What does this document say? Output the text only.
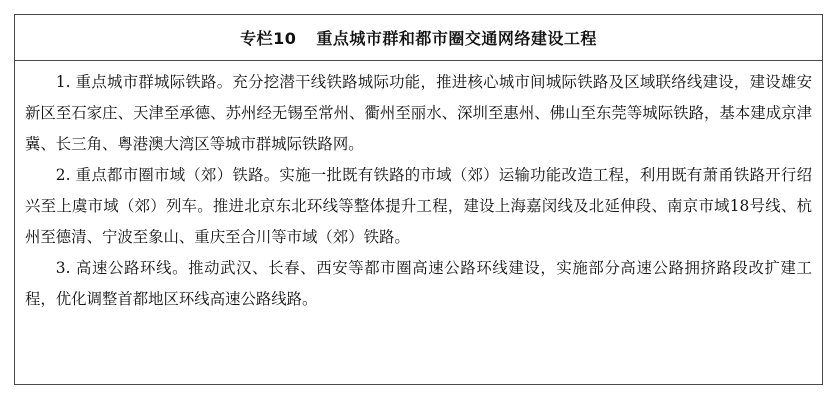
专栏10 重点城市群和都市圈交通网络建设工程

1. 重点城市群城际铁路。充分挖潜干线铁路城际功能，推进核心城市间城际铁路及区域联络线建设，建设雄安新区至石家庄、天津至承德、苏州经无锡至常州、衢州至丽水、深圳至惠州、佛山至东莞等城际铁路，基本建成京津冀、长三角、粤港澳大湾区等城市群城际铁路网。

2. 重点都市圈市域（郊）铁路。实施一批既有铁路的市域（郊）运输功能改造工程，利用既有萧甬铁路开行绍兴至上虞市域（郊）列车。推进北京东北环线等整体提升工程，建设上海嘉闵线及北延伸段、南京市域18号线、杭州至德清、宁波至象山、重庆至合川等市域（郊）铁路。

3. 高速公路环线。推动武汉、长春、西安等都市圈高速公路环线建设，实施部分高速公路拥挤路段改扩建工程，优化调整首都地区环线高速公路线路。
